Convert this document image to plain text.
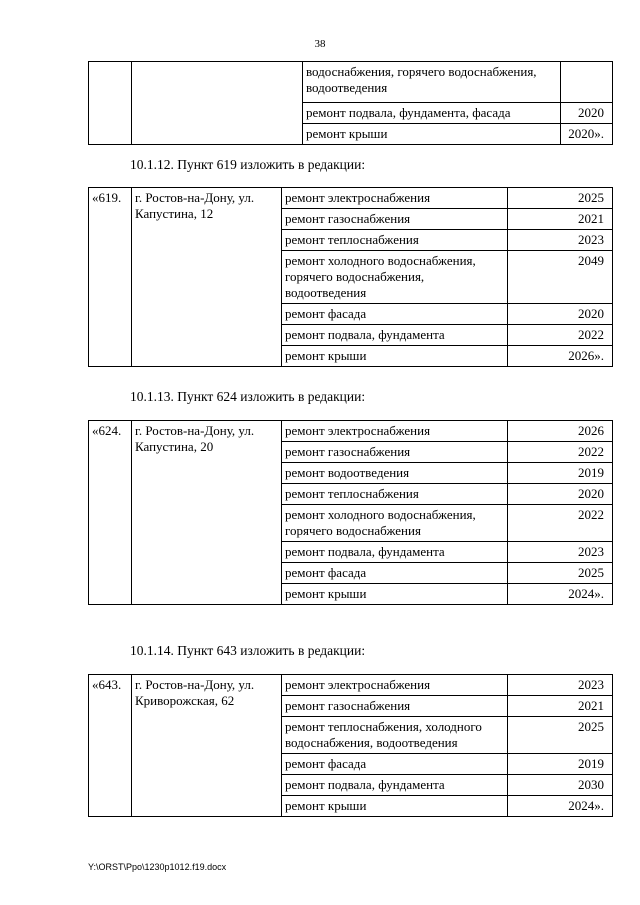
38
		водоснабжения, горячего водоснабжения, водоотведения	
		ремонт подвала, фундамента, фасада	2020
		ремонт крыши	2020».
10.1.12. Пункт 619 изложить в редакции:
«619.	г. Ростов-на-Дону, ул. Капустина, 12	ремонт электроснабжения	2025
		ремонт газоснабжения	2021
		ремонт теплоснабжения	2023
		ремонт холодного водоснабжения, горячего водоснабжения, водоотведения	2049
		ремонт фасада	2020
		ремонт подвала, фундамента	2022
		ремонт крыши	2026».
10.1.13. Пункт 624 изложить в редакции:
«624.	г. Ростов-на-Дону, ул. Капустина, 20	ремонт электроснабжения	2026
		ремонт газоснабжения	2022
		ремонт водоотведения	2019
		ремонт теплоснабжения	2020
		ремонт холодного водоснабжения, горячего водоснабжения	2022
		ремонт подвала, фундамента	2023
		ремонт фасада	2025
		ремонт крыши	2024».
10.1.14. Пункт 643 изложить в редакции:
«643.	г. Ростов-на-Дону, ул. Криворожская, 62	ремонт электроснабжения	2023
		ремонт газоснабжения	2021
		ремонт теплоснабжения, холодного водоснабжения, водоотведения	2025
		ремонт фасада	2019
		ремонт подвала, фундамента	2030
		ремонт крыши	2024».
Y:\ORST\Ppo\1230p1012.f19.docx
